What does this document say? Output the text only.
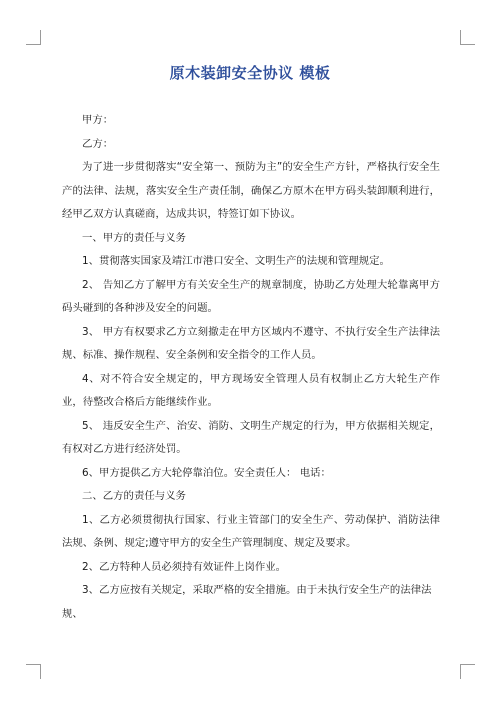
原木装卸安全协议 模板

甲方：

乙方：

为了进一步贯彻落实“安全第一、预防为主”的安全生产方针，严格执行安全生产的法律、法规，落实安全生产责任制，确保乙方原木在甲方码头装卸顺利进行，经甲乙双方认真磋商，达成共识，特签订如下协议。

一、甲方的责任与义务

1、贯彻落实国家及靖江市港口安全、文明生产的法规和管理规定。

2、 告知乙方了解甲方有关安全生产的规章制度，协助乙方处理大轮靠离甲方码头碰到的各种涉及安全的问题。

3、 甲方有权要求乙方立刻撤走在甲方区域内不遵守、不执行安全生产法律法规、标准、操作规程、安全条例和安全指令的工作人员。

4、对不符合安全规定的，甲方现场安全管理人员有权制止乙方大轮生产作业，待整改合格后方能继续作业。

5、 违反安全生产、治安、消防、文明生产规定的行为，甲方依据相关规定，有权对乙方进行经济处罚。

6、甲方提供乙方大轮停靠泊位。安全责任人： 电话：

二、乙方的责任与义务

1、乙方必须贯彻执行国家、行业主管部门的安全生产、劳动保护、消防法律法规、条例、规定;遵守甲方的安全生产管理制度、规定及要求。

2、乙方特种人员必须持有效证件上岗作业。

3、乙方应按有关规定，采取严格的安全措施。由于未执行安全生产的法律法规、
